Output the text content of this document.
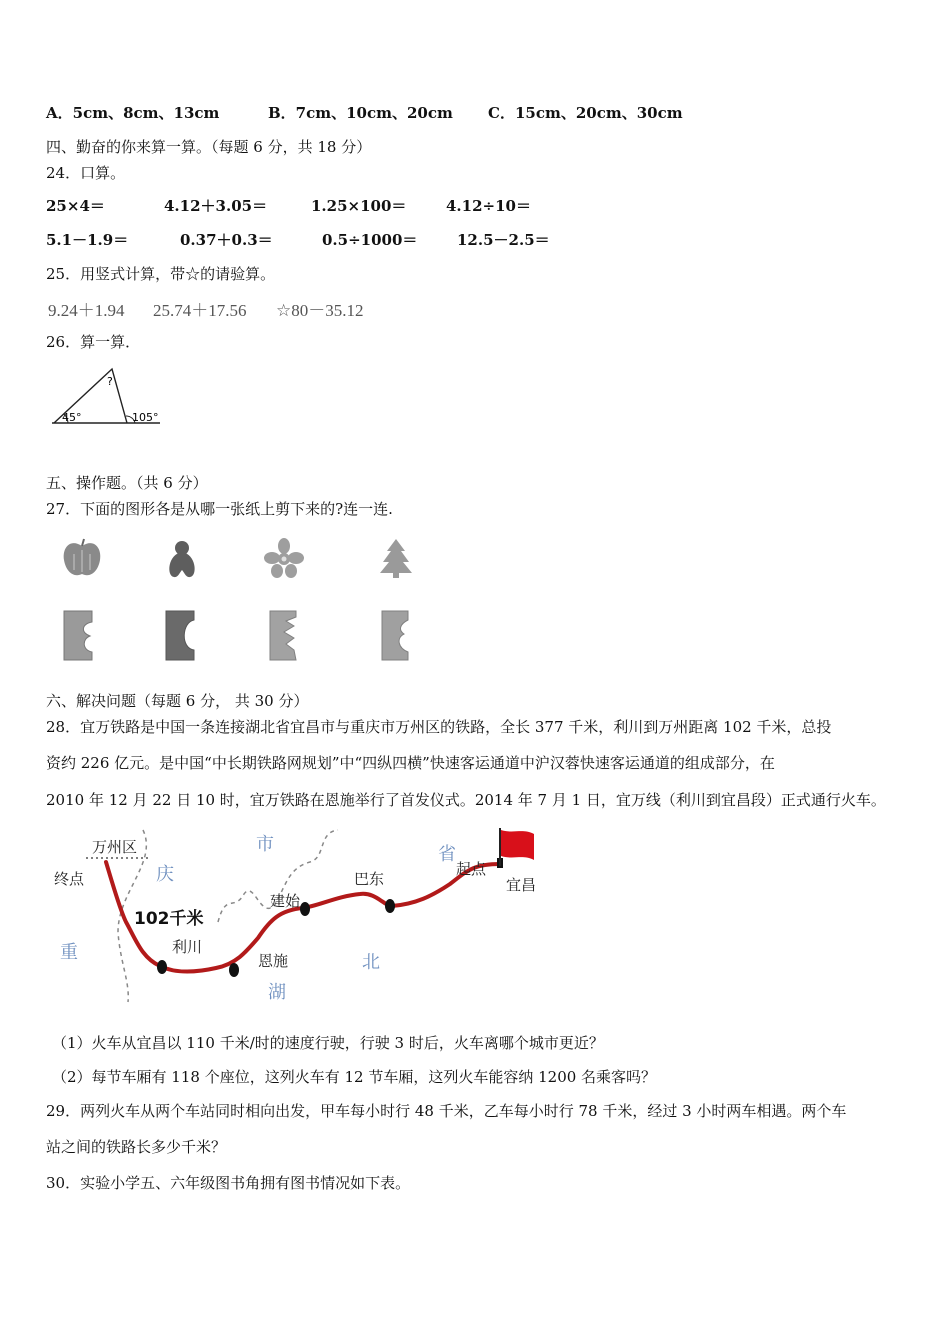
A．5cm、8cm、13cm	B．7cm、10cm、20cm C．15cm、20cm、30cm
四、勤奋的你来算一算。（每题 6 分，共 18 分）
24．口算。
25×4＝	4.12＋3.05＝	1.25×100＝	4.12÷10＝
5.1－1.9＝	0.37＋0.3＝	0.5÷1000＝	12.5－2.5＝
25．用竖式计算，带☆的请验算。
9.24＋1.94 25.74＋17.56 ☆80－35.12
26．算一算．
45°
?
105°
五、操作题。（共 6 分）
27．下面的图形各是从哪一张纸上剪下来的?连一连.
六、解决问题（每题 6 分， 共 30 分）
28．宜万铁路是中国一条连接湖北省宜昌市与重庆市万州区的铁路，全长 377 千米，利川到万州距离 102 千米，总投
资约 226 亿元。是中国“中长期铁路网规划”中“四纵四横”快速客运通道中沪汉蓉快速客运通道的组成部分，在
2010 年 12 月 22 日 10 时，宜万铁路在恩施举行了首发仪式。2014 年 7 月 1 日，宜万线（利川到宜昌段）正式通行火车。
万州区
终点
102千米
利川
恩施
建始
巴东
起点
宜昌
市
庆
重
省
北
湖
（1）火车从宜昌以 110 千米/时的速度行驶，行驶 3 时后，火车离哪个城市更近？
（2）每节车厢有 118 个座位，这列火车有 12 节车厢，这列火车能容纳 1200 名乘客吗？
29．两列火车从两个车站同时相向出发，甲车每小时行 48 千米，乙车每小时行 78 千米，经过 3 小时两车相遇。两个车
站之间的铁路长多少千米？
30．实验小学五、六年级图书角拥有图书情况如下表。
